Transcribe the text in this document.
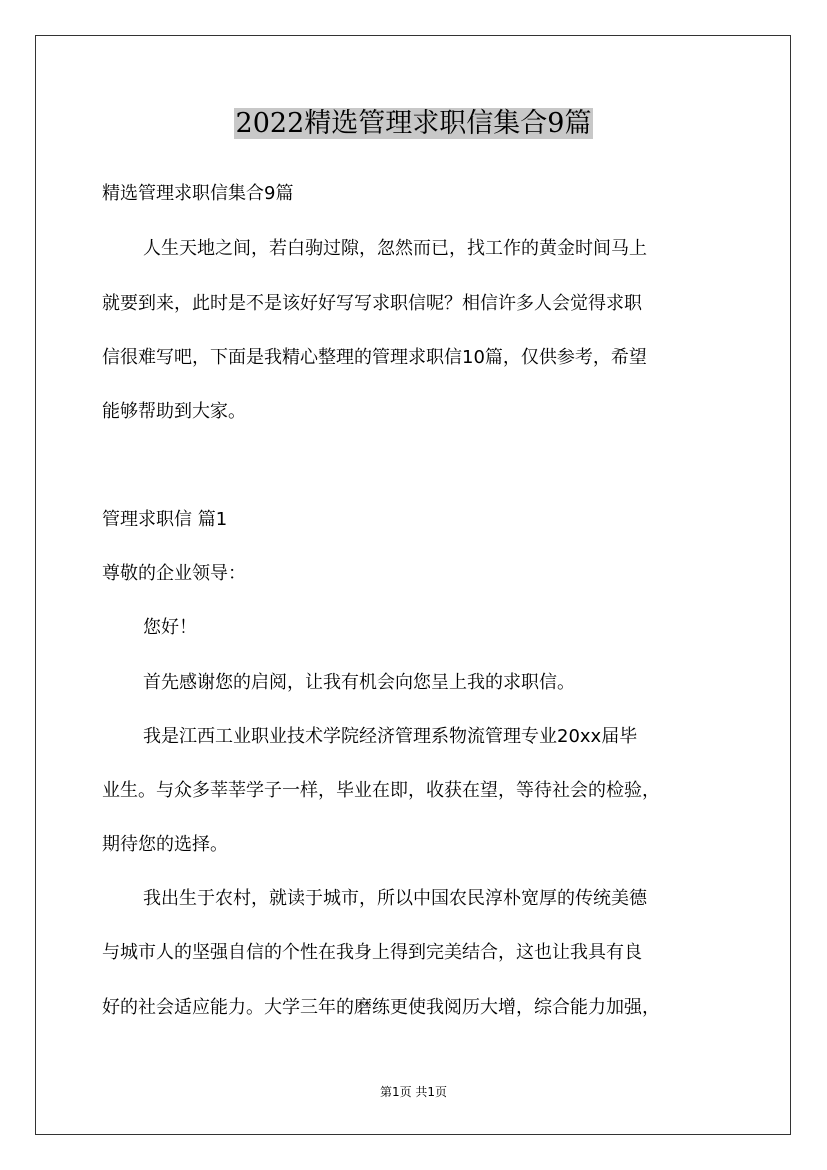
2022精选管理求职信集合9篇
精选管理求职信集合9篇
人生天地之间，若白驹过隙，忽然而已，找工作的黄金时间马上
就要到来，此时是不是该好好写写求职信呢？相信许多人会觉得求职
信很难写吧，下面是我精心整理的管理求职信10篇，仅供参考，希望
能够帮助到大家。
管理求职信 篇1
尊敬的企业领导：
您好！
首先感谢您的启阅，让我有机会向您呈上我的求职信。
我是江西工业职业技术学院经济管理系物流管理专业20xx届毕
业生。与众多莘莘学子一样，毕业在即，收获在望，等待社会的检验，
期待您的选择。
我出生于农村，就读于城市，所以中国农民淳朴宽厚的传统美德
与城市人的坚强自信的个性在我身上得到完美结合，这也让我具有良
好的社会适应能力。大学三年的磨练更使我阅历大增，综合能力加强，
第1页 共1页
